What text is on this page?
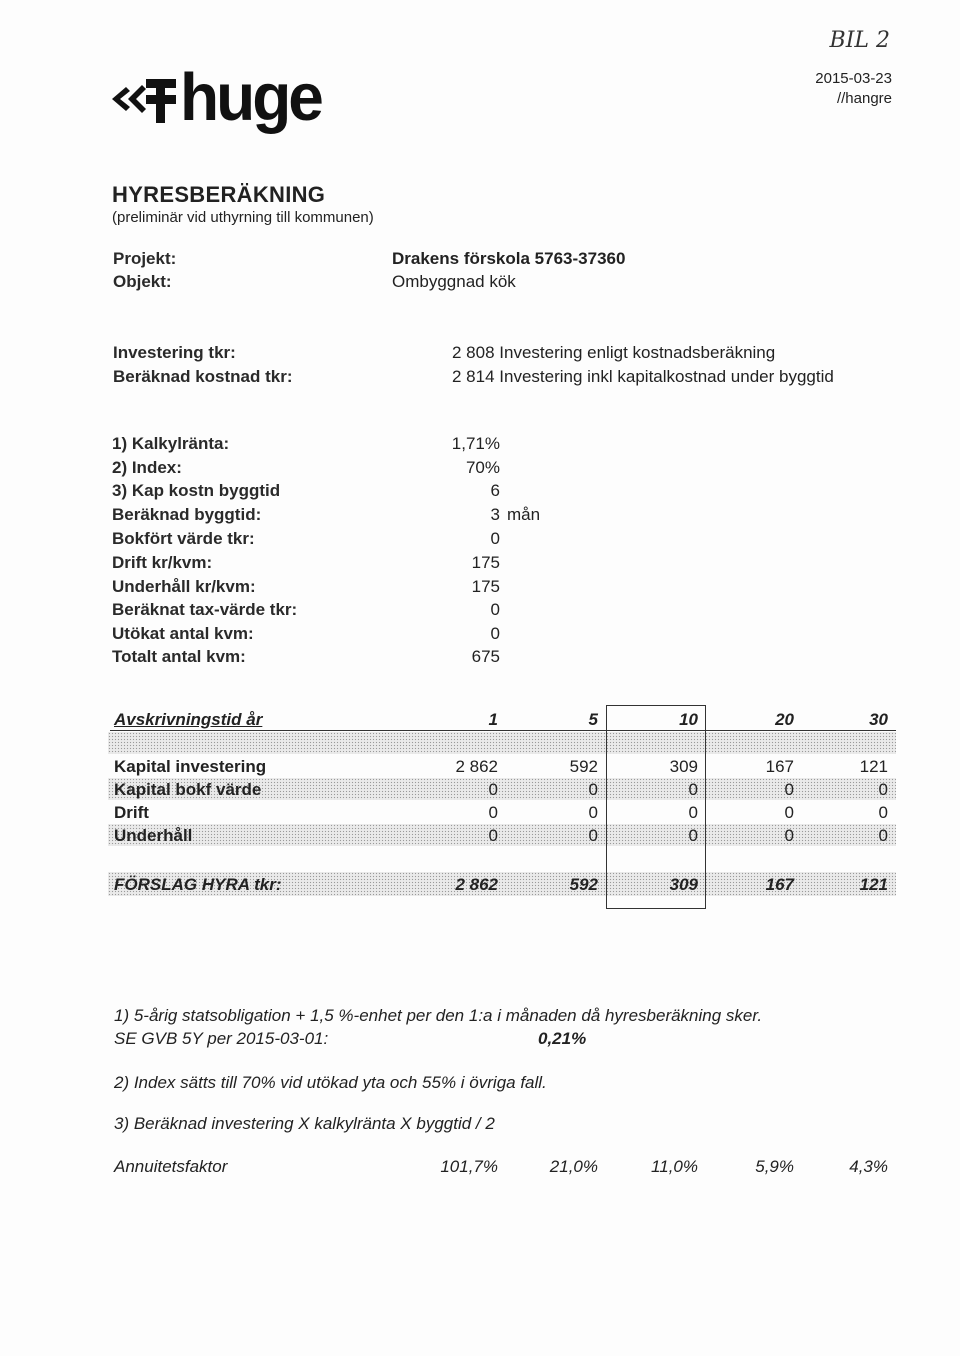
huge
BIL 2
2015-03-23
//hangre
HYRESBERÄKNING
(preliminär vid uthyrning till kommunen)
Projekt:	Drakens förskola 5763-37360
Objekt:	Ombyggnad kök
Investering tkr:	2 808 Investering enligt kostnadsberäkning
Beräknad kostnad tkr:	2 814 Investering inkl kapitalkostnad under byggtid
1) Kalkylränta:	1,71%
2) Index:	70%
3) Kap kostn byggtid	6
Beräknad byggtid:	3 mån
Bokfört värde tkr:	0
Drift kr/kvm:	175
Underhåll kr/kvm:	175
Beräknat tax-värde tkr:	0
Utökat antal kvm:	0
Totalt antal kvm:	675
Avskrivningstid år	1	5	10	20	30
Kapital investering	2 862	592	309	167	121
Kapital bokf värde	0	0	0	0	0
Drift	0	0	0	0	0
Underhåll	0	0	0	0	0
FÖRSLAG HYRA tkr:	2 862	592	309	167	121
1) 5-årig statsobligation + 1,5 %-enhet per den 1:a i månaden då hyresberäkning sker.
SE GVB 5Y per 2015-03-01:	0,21%
2) Index sätts till 70% vid utökad yta och 55% i övriga fall.
3) Beräknad investering X kalkylränta X byggtid / 2
Annuitetsfaktor	101,7%	21,0%	11,0%	5,9%	4,3%
